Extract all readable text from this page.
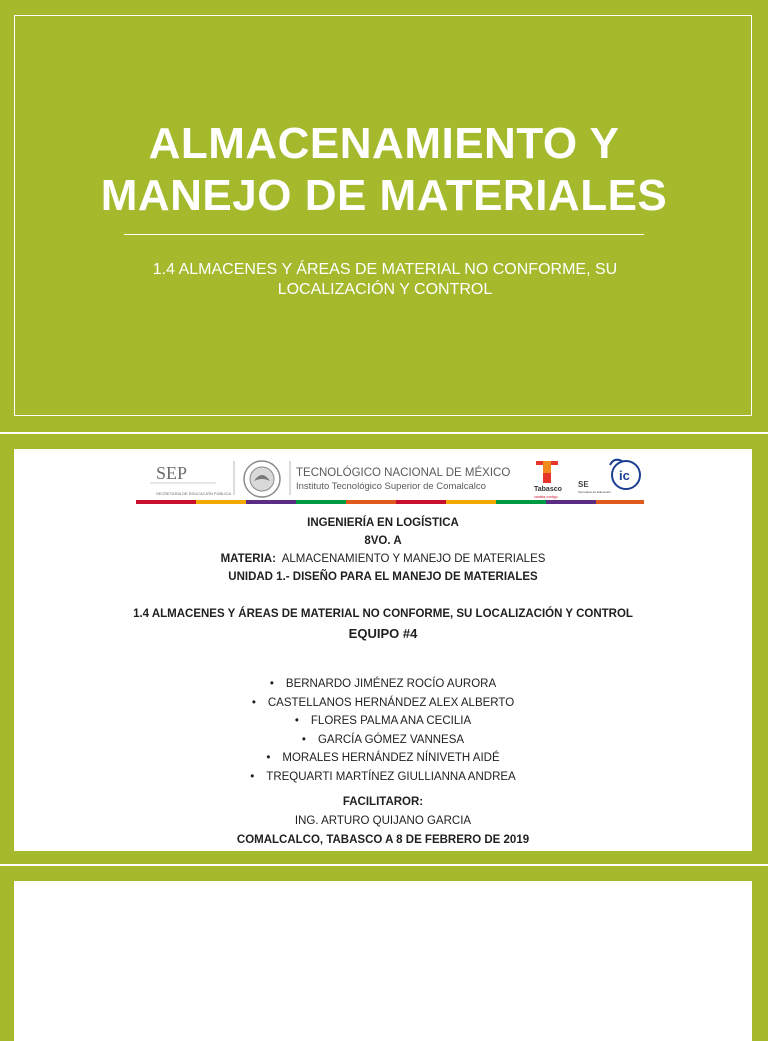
ALMACENAMIENTO Y
MANEJO DE MATERIALES
1.4 ALMACENES Y ÁREAS DE MATERIAL NO CONFORME, SU
LOCALIZACIÓN Y CONTROL
SEP
SECRETARÍA DE EDUCACIÓN PÚBLICA
TECNOLÓGICO NACIONAL DE MÉXICO
Instituto Tecnológico Superior de Comalcalco	Tabasco
cambia contigo
SE
Secretaría de Educación
ic
INGENIERÍA EN LOGÍSTICA
8VO. A
MATERIA: ALMACENAMIENTO Y MANEJO DE MATERIALES
UNIDAD 1.- DISEÑO PARA EL MANEJO DE MATERIALES
1.4 ALMACENES Y ÁREAS DE MATERIAL NO CONFORME, SU LOCALIZACIÓN Y CONTROL
EQUIPO #4
• BERNARDO JIMÉNEZ ROCÍO AURORA
• CASTELLANOS HERNÁNDEZ ALEX ALBERTO
• FLORES PALMA ANA CECILIA
• GARCÍA GÓMEZ VANNESA
• MORALES HERNÁNDEZ NÍNIVETH AIDÉ
• TREQUARTI MARTÍNEZ GIULLIANNA ANDREA
FACILITAROR:
ING. ARTURO QUIJANO GARCIA
COMALCALCO, TABASCO A 8 DE FEBRERO DE 2019
